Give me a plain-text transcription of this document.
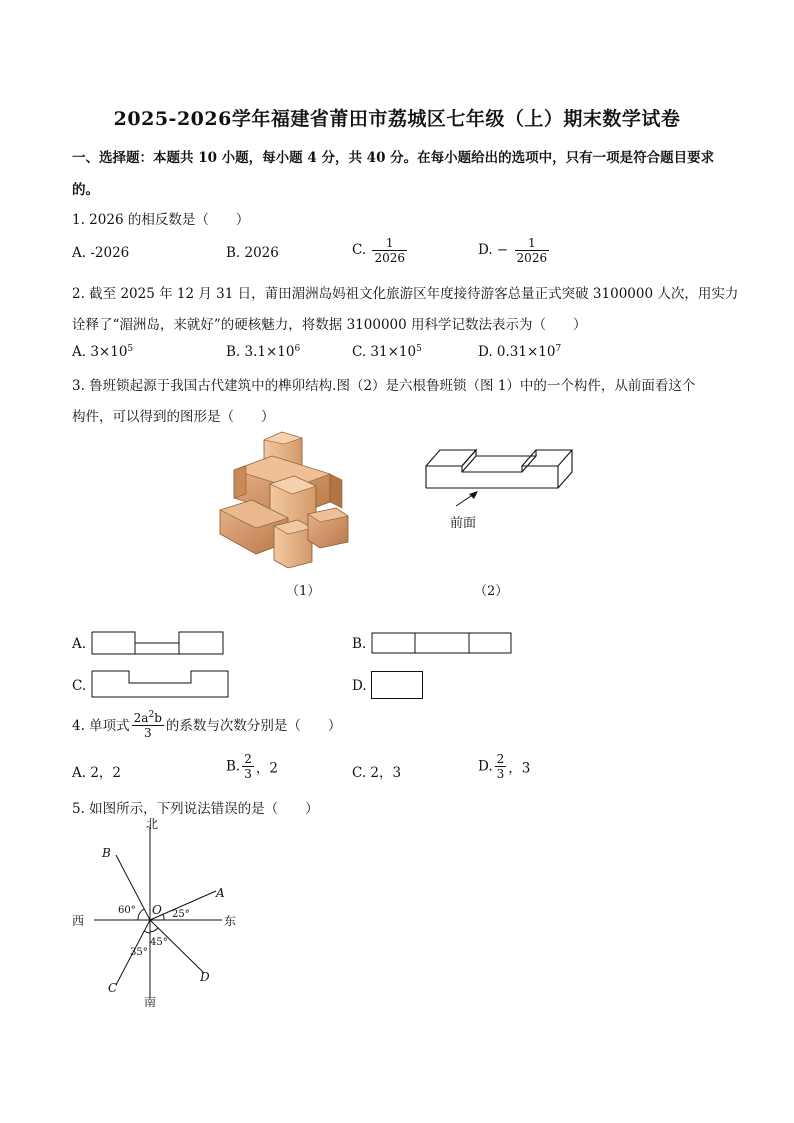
2025-2026学年福建省莆田市荔城区七年级（上）期末数学试卷
一、选择题：本题共 10 小题，每小题 4 分，共 40 分。在每小题给出的选项中，只有一项是符合题目要求
的。
1. 2026 的相反数是（　　）
A. -2026	B. 2026	C. $\frac{1}{2026}$	D. − $\frac{1}{2026}$
2. 截至 2025 年 12 月 31 日，莆田湄洲岛妈祖文化旅游区年度接待游客总量正式突破 3100000 人次，用实力
诠释了“湄洲岛，来就好”的硬核魅力，将数据 3100000 用科学记数法表示为（　　）
A. $3\times 10^5$	B. $3.1\times 10^6$	C. $31\times 10^5$	D. $0.31\times 10^7$
3. 鲁班锁起源于我国古代建筑中的榫卯结构.图（2）是六根鲁班锁（图 1）中的一个构件，从前面看这个
构件，可以得到的图形是（　　）
前面
（1）	（2）
A.	B.
C.	D.
4. 单项式 $\frac{2a^2b}{3}$ 的系数与次数分别是（　　）
A. 2，2	B. $\frac{2}{3}$ ，2	C. 2，3	D. $\frac{2}{3}$ ，3
5. 如图所示，下列说法错误的是（　　）
北
南
西	东
O
A
B
C
D
60°	25°
35°
45°
